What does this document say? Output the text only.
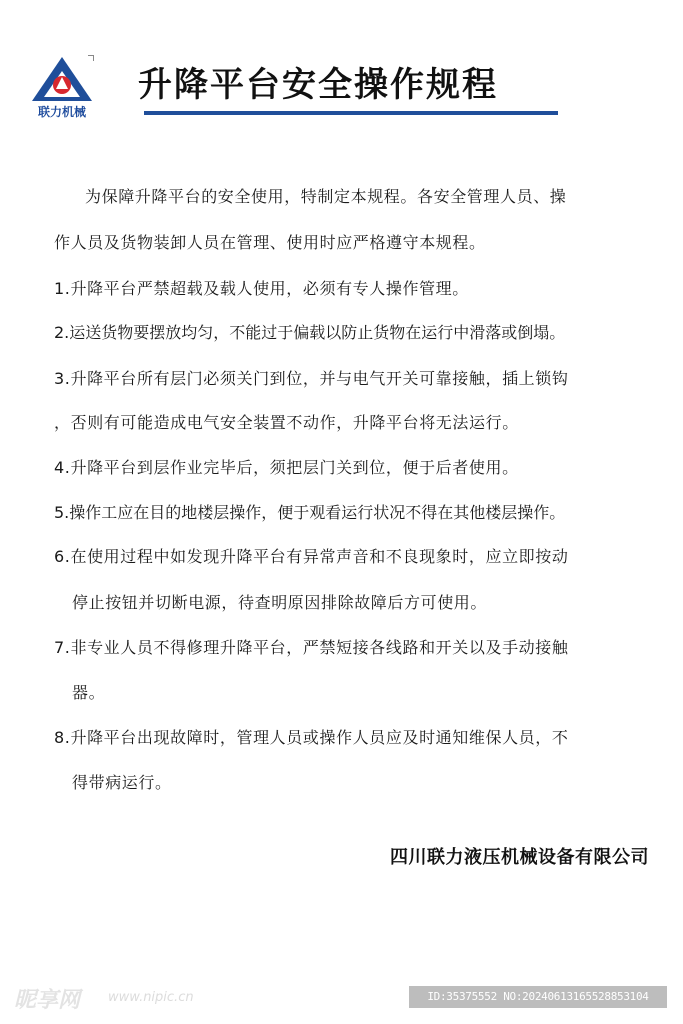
联力机械
升降平台安全操作规程
为保障升降平台的安全使用，特制定本规程。各安全管理人员、操
作人员及货物装卸人员在管理、使用时应严格遵守本规程。
1.升降平台严禁超载及载人使用，必须有专人操作管理。
2.运送货物要摆放均匀，不能过于偏载以防止货物在运行中滑落或倒塌。
3.升降平台所有层门必须关门到位，并与电气开关可靠接触，插上锁钩
，否则有可能造成电气安全装置不动作，升降平台将无法运行。
4.升降平台到层作业完毕后，须把层门关到位，便于后者使用。
5.操作工应在目的地楼层操作，便于观看运行状况不得在其他楼层操作。
6.在使用过程中如发现升降平台有异常声音和不良现象时，应立即按动
停止按钮并切断电源，待查明原因排除故障后方可使用。
7.非专业人员不得修理升降平台，严禁短接各线路和开关以及手动接触
器。
8.升降平台出现故障时，管理人员或操作人员应及时通知维保人员，不
得带病运行。
四川联力液压机械设备有限公司
昵享网 www.nipic.cn	ID:35375552 NO:20240613165528853104
